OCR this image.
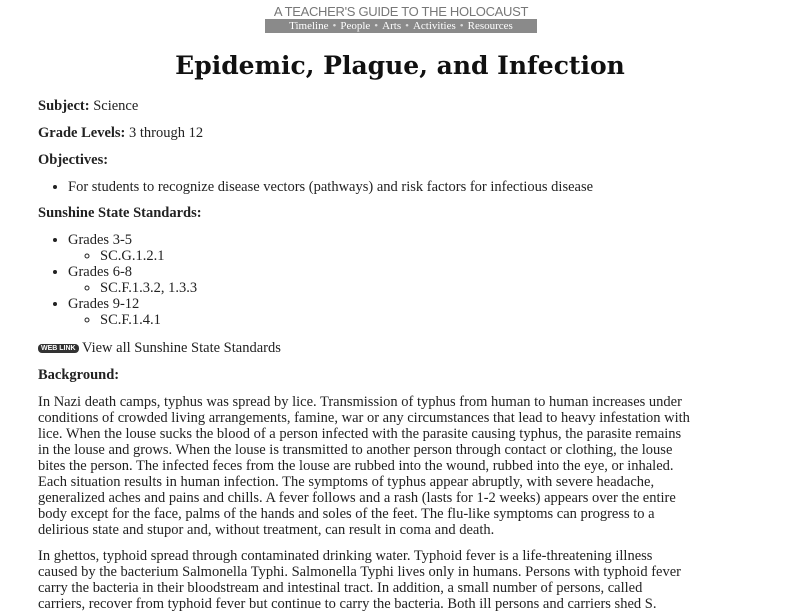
A TEACHER'S GUIDE TO THE HOLOCAUST
Timeline • People • Arts • Activities • Resources
Epidemic, Plague, and Infection

Subject: Science

Grade Levels: 3 through 12

Objectives:

• For students to recognize disease vectors (pathways) and risk factors for infectious disease

Sunshine State Standards:

• Grades 3-5
◦ SC.G.1.2.1
• Grades 6-8
◦ SC.F.1.3.2, 1.3.3
• Grades 9-12
◦ SC.F.1.4.1

WEB LINK View all Sunshine State Standards

Background:

In Nazi death camps, typhus was spread by lice. Transmission of typhus from human to human increases under
conditions of crowded living arrangements, famine, war or any circumstances that lead to heavy infestation with
lice. When the louse sucks the blood of a person infected with the parasite causing typhus, the parasite remains
in the louse and grows. When the louse is transmitted to another person through contact or clothing, the louse
bites the person. The infected feces from the louse are rubbed into the wound, rubbed into the eye, or inhaled.
Each situation results in human infection. The symptoms of typhus appear abruptly, with severe headache,
generalized aches and pains and chills. A fever follows and a rash (lasts for 1-2 weeks) appears over the entire
body except for the face, palms of the hands and soles of the feet. The flu-like symptoms can progress to a
delirious state and stupor and, without treatment, can result in coma and death.
In ghettos, typhoid spread through contaminated drinking water. Typhoid fever is a life-threatening illness
caused by the bacterium Salmonella Typhi. Salmonella Typhi lives only in humans. Persons with typhoid fever
carry the bacteria in their bloodstream and intestinal tract. In addition, a small number of persons, called
carriers, recover from typhoid fever but continue to carry the bacteria. Both ill persons and carriers shed S.
